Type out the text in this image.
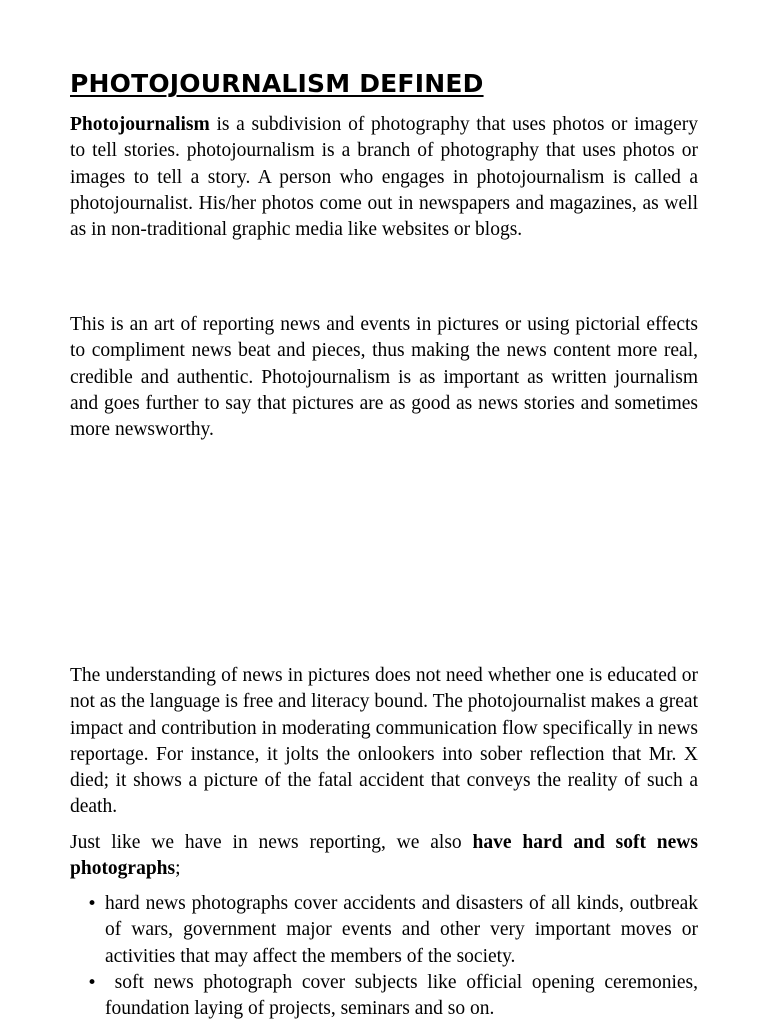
PHOTOJOURNALISM DEFINED

Photojournalism is a subdivision of photography that uses photos or imagery to tell stories. photojournalism is a branch of photography that uses photos or images to tell a story. A person who engages in photojournalism is called a photojournalist. His/her photos come out in newspapers and magazines, as well as in non-traditional graphic media like websites or blogs.

This is an art of reporting news and events in pictures or using pictorial effects to compliment news beat and pieces, thus making the news content more real, credible and authentic. Photojournalism is as important as written journalism and goes further to say that pictures are as good as news stories and sometimes more newsworthy.

The understanding of news in pictures does not need whether one is educated or not as the language is free and literacy bound. The photojournalist makes a great impact and contribution in moderating communication flow specifically in news reportage. For instance, it jolts the onlookers into sober reflection that Mr. X died; it shows a picture of the fatal accident that conveys the reality of such a death.

Just like we have in news reporting, we also have hard and soft news photographs;

• hard news photographs cover accidents and disasters of all kinds, outbreak of wars, government major events and other very important moves or activities that may affect the members of the society.
• soft news photograph cover subjects like official opening ceremonies, foundation laying of projects, seminars and so on.
